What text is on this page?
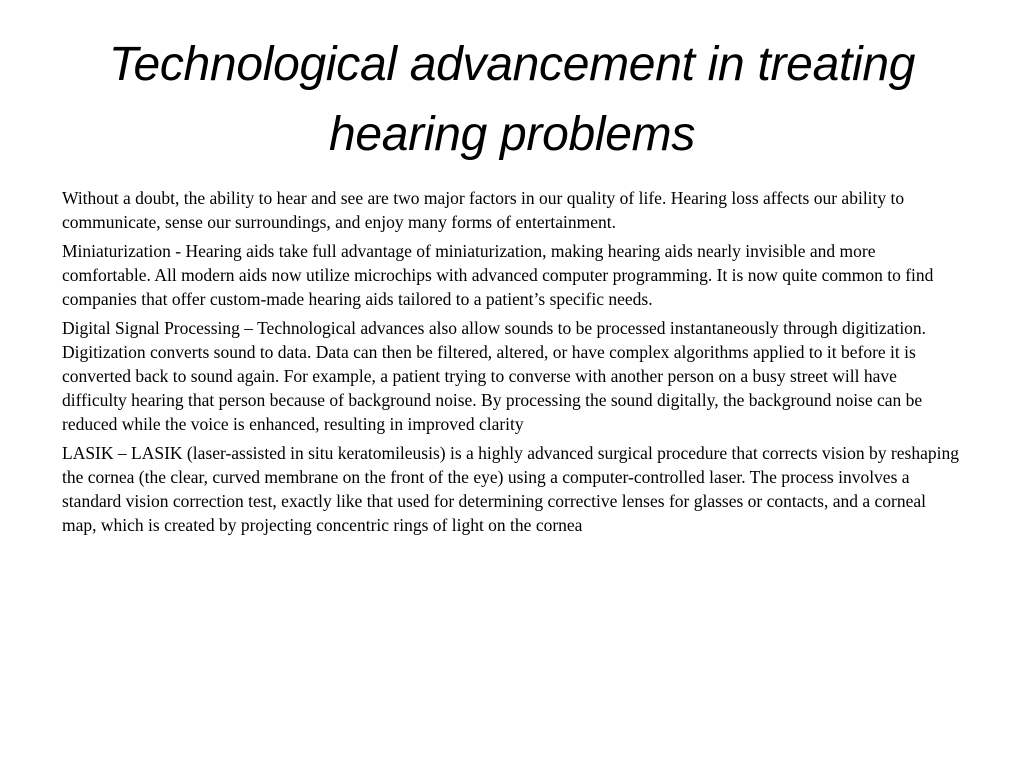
Technological advancement in treating hearing problems

Without a doubt, the ability to hear and see are two major factors in our quality of life. Hearing loss affects our ability to communicate, sense our surroundings, and enjoy many forms of entertainment.

Miniaturization - Hearing aids take full advantage of miniaturization, making hearing aids nearly invisible and more comfortable. All modern aids now utilize microchips with advanced computer programming. It is now quite common to find companies that offer custom-made hearing aids tailored to a patient’s specific needs.

Digital Signal Processing – Technological advances also allow sounds to be processed instantaneously through digitization. Digitization converts sound to data. Data can then be filtered, altered, or have complex algorithms applied to it before it is converted back to sound again. For example, a patient trying to converse with another person on a busy street will have difficulty hearing that person because of background noise. By processing the sound digitally, the background noise can be reduced while the voice is enhanced, resulting in improved clarity

LASIK – LASIK (laser-assisted in situ keratomileusis) is a highly advanced surgical procedure that corrects vision by reshaping the cornea (the clear, curved membrane on the front of the eye) using a computer-controlled laser. The process involves a standard vision correction test, exactly like that used for determining corrective lenses for glasses or contacts, and a corneal map, which is created by projecting concentric rings of light on the cornea
